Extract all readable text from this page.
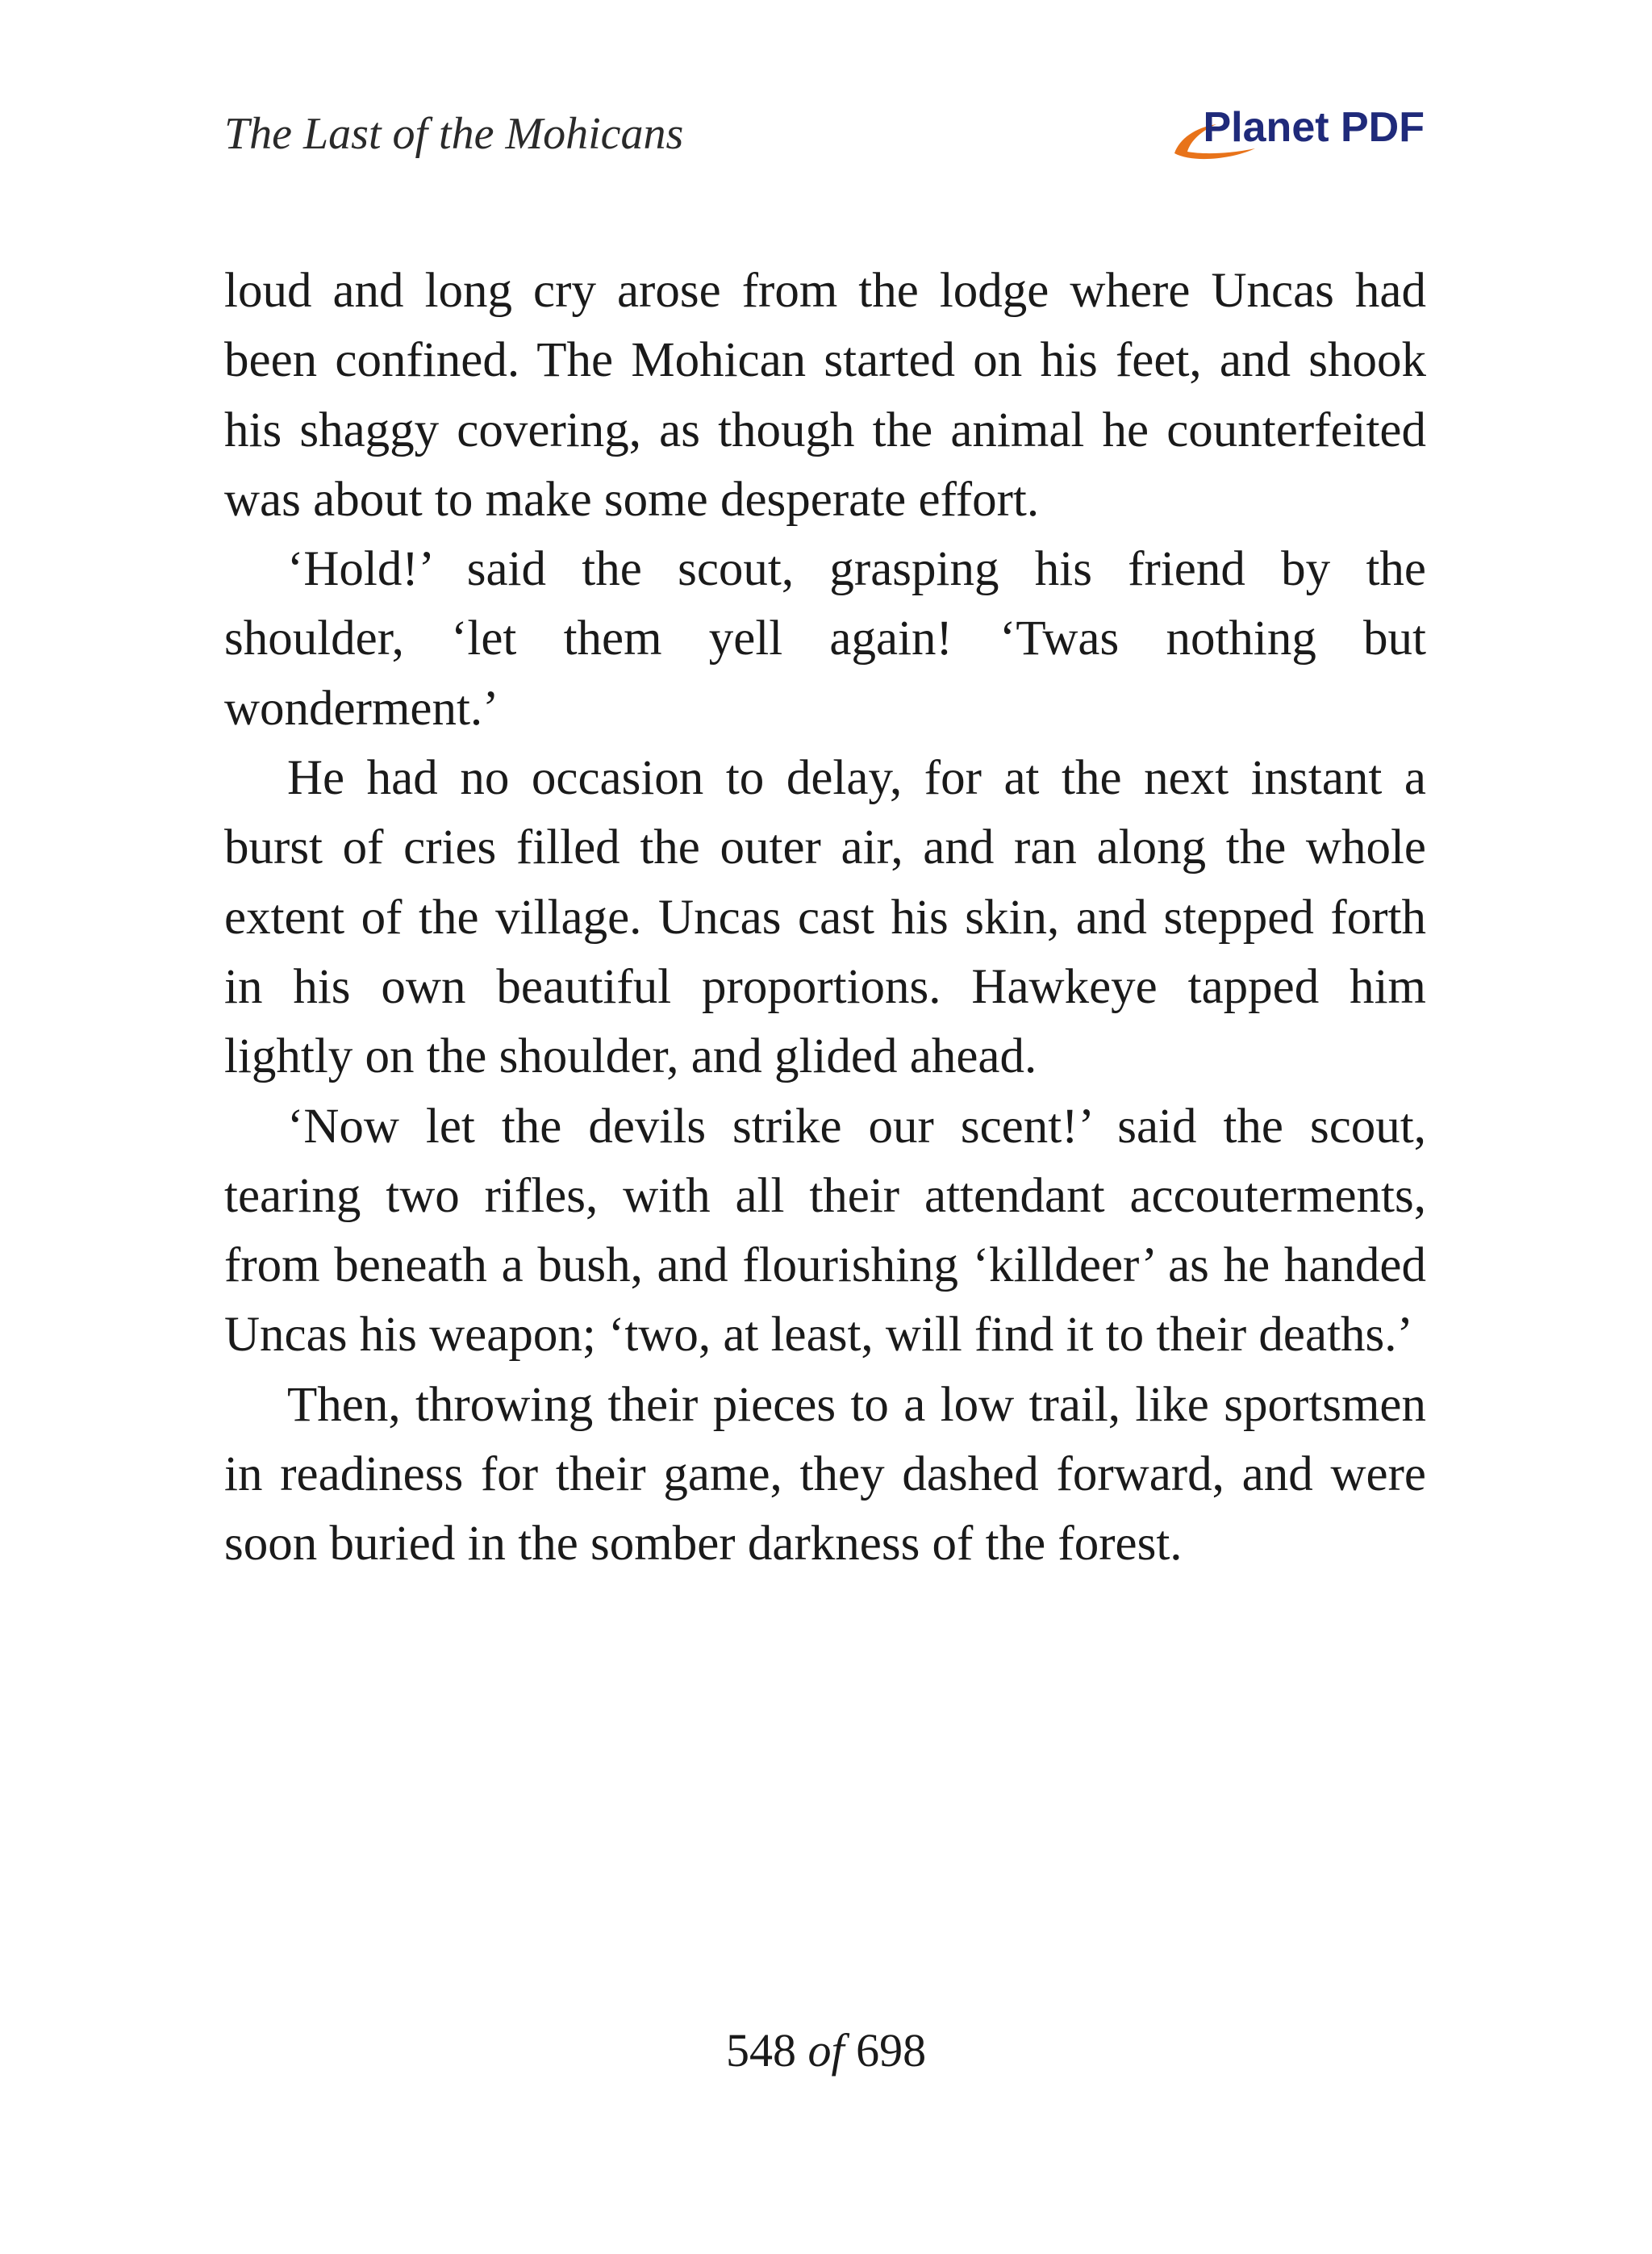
The Last of the Mohicans	Planet PDF

loud and long cry arose from the lodge where Uncas had been confined. The Mohican started on his feet, and shook his shaggy covering, as though the animal he counterfeited was about to make some desperate effort.

‘Hold!’ said the scout, grasping his friend by the shoulder, ‘let them yell again! ‘Twas nothing but wonderment.’

He had no occasion to delay, for at the next instant a burst of cries filled the outer air, and ran along the whole extent of the village. Uncas cast his skin, and stepped forth in his own beautiful proportions. Hawkeye tapped him lightly on the shoulder, and glided ahead.

‘Now let the devils strike our scent!’ said the scout, tearing two rifles, with all their attendant accouterments, from beneath a bush, and flourishing ‘killdeer’ as he handed Uncas his weapon; ‘two, at least, will find it to their deaths.’

Then, throwing their pieces to a low trail, like sportsmen in readiness for their game, they dashed forward, and were soon buried in the somber darkness of the forest.

548 of 698
